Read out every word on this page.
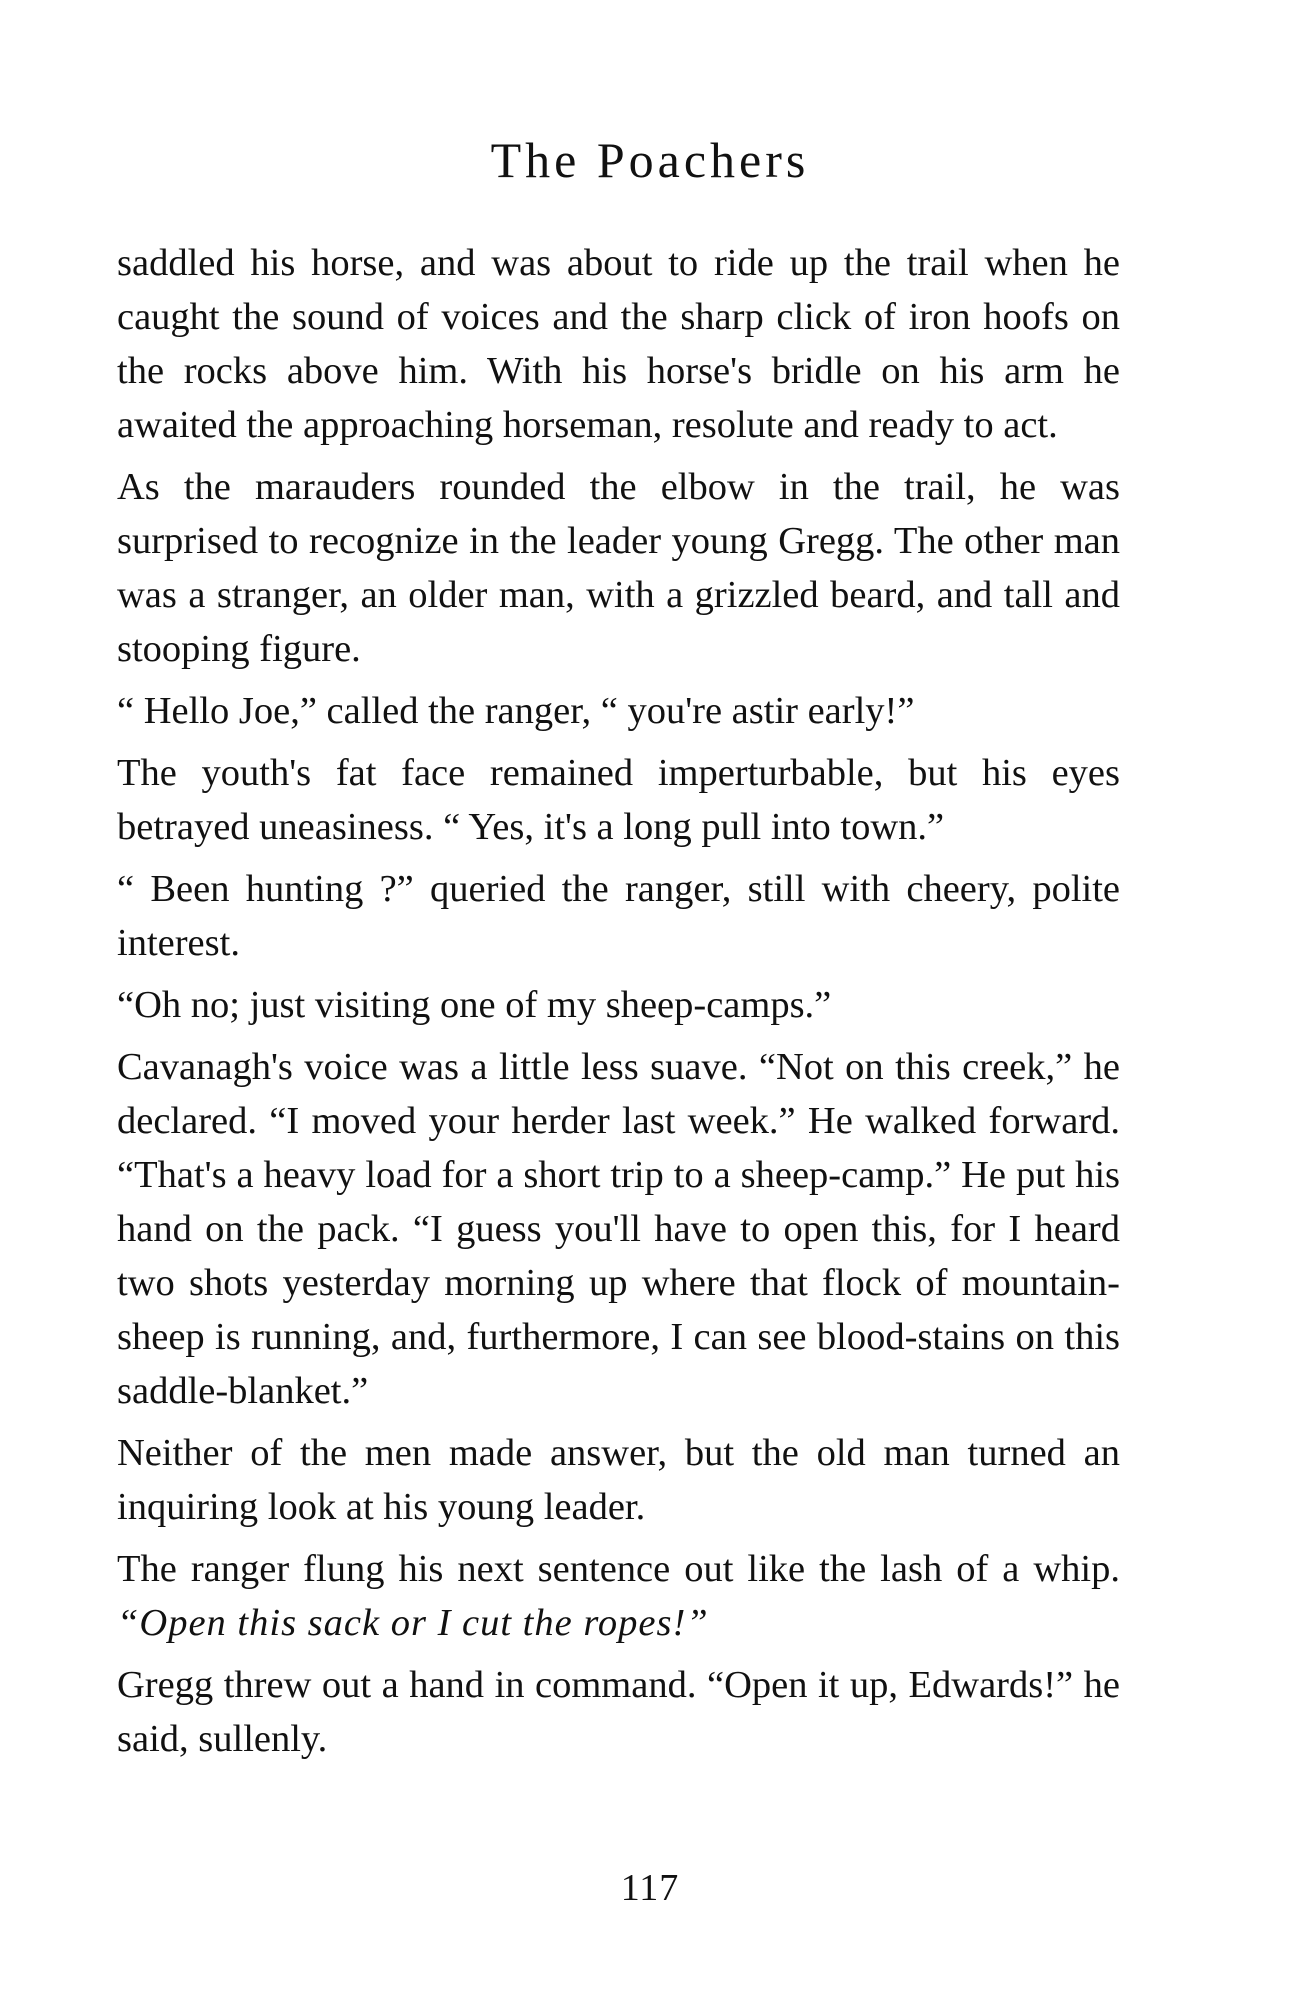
The Poachers

saddled his horse, and was about to ride up the trail when he caught the sound of voices and the sharp click of iron hoofs on the rocks above him. With his horse's bridle on his arm he awaited the approaching horseman, resolute and ready to act.

As the marauders rounded the elbow in the trail, he was surprised to recognize in the leader young Gregg. The other man was a stranger, an older man, with a grizzled beard, and tall and stooping figure.

“ Hello Joe,” called the ranger, “ you're astir early!”

The youth's fat face remained imperturbable, but his eyes betrayed uneasiness. “ Yes, it's a long pull into town.”

“ Been hunting ?” queried the ranger, still with cheery, polite interest.

“Oh no; just visiting one of my sheep-camps.”

Cavanagh's voice was a little less suave. “Not on this creek,” he declared. “I moved your herder last week.” He walked forward. “That's a heavy load for a short trip to a sheep-camp.” He put his hand on the pack. “I guess you'll have to open this, for I heard two shots yesterday morning up where that flock of mountain-sheep is running, and, furthermore, I can see blood-stains on this saddle-blanket.”

Neither of the men made answer, but the old man turned an inquiring look at his young leader.

The ranger flung his next sentence out like the lash of a whip. “Open this sack or I cut the ropes!”

Gregg threw out a hand in command. “Open it up, Edwards!” he said, sullenly.

117
